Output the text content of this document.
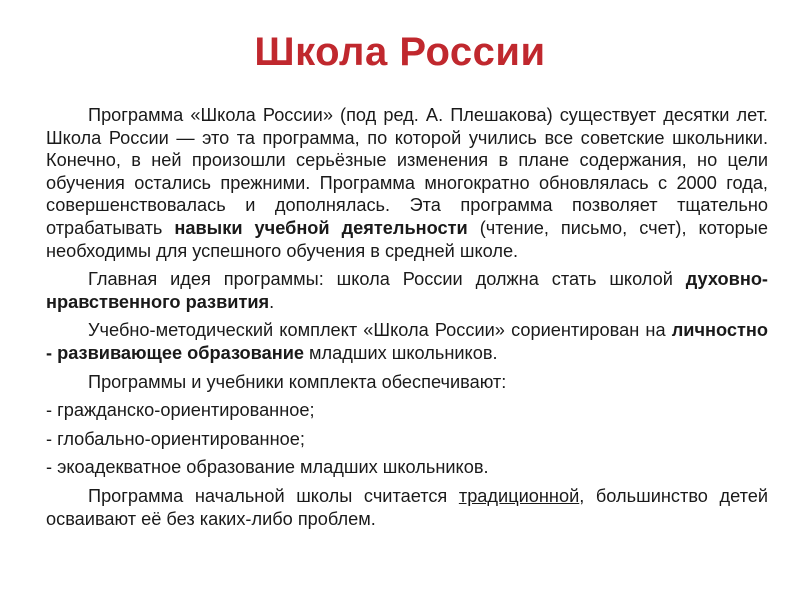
Школа России

Программа «Школа России» (под ред. А. Плешакова) существует десятки лет. Школа России — это та программа, по которой учились все советские школьники. Конечно, в ней произошли серьёзные изменения в плане содержания, но цели обучения остались прежними. Программа многократно обновлялась с 2000 года, совершенствовалась и дополнялась. Эта программа позволяет тщательно отрабатывать навыки учебной деятельности (чтение, письмо, счет), которые необходимы для успешного обучения в средней школе.

Главная идея программы: школа России должна стать школой духовно-нравственного развития.

Учебно-методический комплект «Школа России» сориентирован на личностно - развивающее образование младших школьников.

Программы и учебники комплекта обеспечивают:

- гражданско-ориентированное;

- глобально-ориентированное;

- экоадекватное образование младших школьников.

Программа начальной школы считается традиционной, большинство детей осваивают её без каких-либо проблем.
